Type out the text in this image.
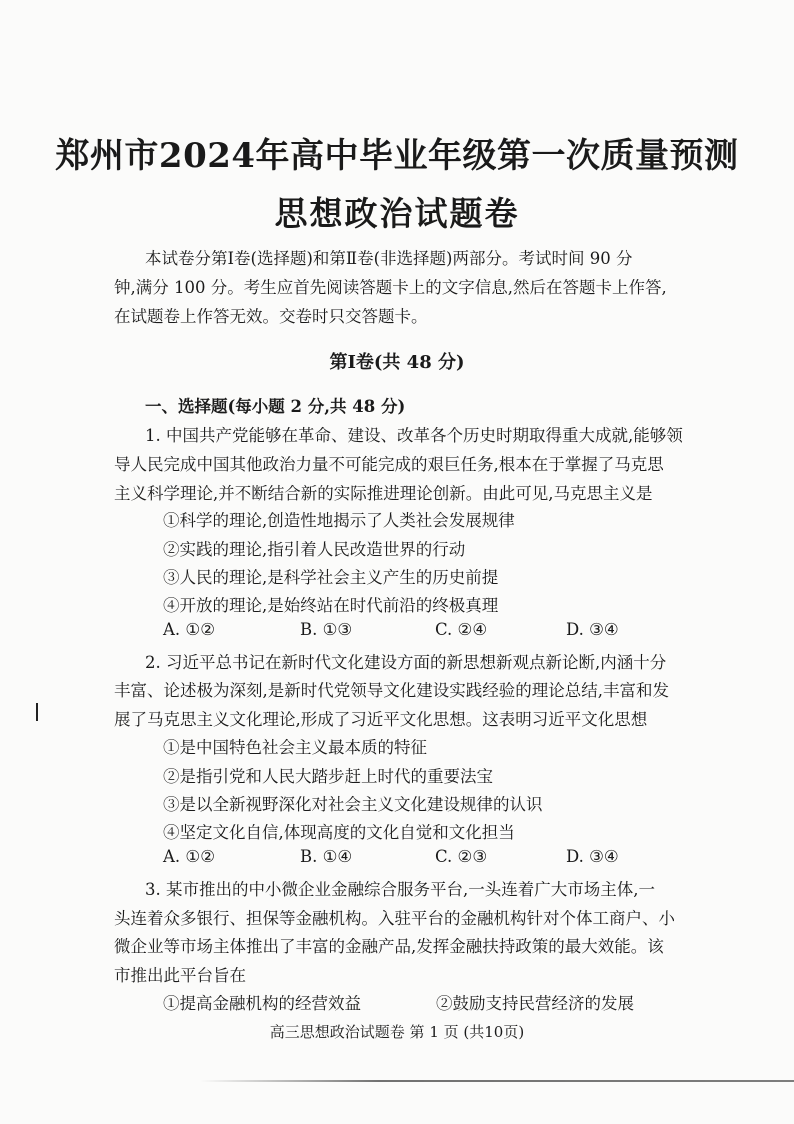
郑州市2024年高中毕业年级第一次质量预测
思想政治试题卷
本试卷分第Ⅰ卷(选择题)和第Ⅱ卷(非选择题)两部分。考试时间 90 分
钟,满分 100 分。考生应首先阅读答题卡上的文字信息,然后在答题卡上作答,
在试题卷上作答无效。交卷时只交答题卡。
第Ⅰ卷(共 48 分)
一、选择题(每小题 2 分,共 48 分)
1. 中国共产党能够在革命、建设、改革各个历史时期取得重大成就,能够领
导人民完成中国其他政治力量不可能完成的艰巨任务,根本在于掌握了马克思
主义科学理论,并不断结合新的实际推进理论创新。由此可见,马克思主义是
①科学的理论,创造性地揭示了人类社会发展规律
②实践的理论,指引着人民改造世界的行动
③人民的理论,是科学社会主义产生的历史前提
④开放的理论,是始终站在时代前沿的终极真理
A. ①②	B. ①③	C. ②④	D. ③④
2. 习近平总书记在新时代文化建设方面的新思想新观点新论断,内涵十分
丰富、论述极为深刻,是新时代党领导文化建设实践经验的理论总结,丰富和发
展了马克思主义文化理论,形成了习近平文化思想。这表明习近平文化思想
①是中国特色社会主义最本质的特征
②是指引党和人民大踏步赶上时代的重要法宝
③是以全新视野深化对社会主义文化建设规律的认识
④坚定文化自信,体现高度的文化自觉和文化担当
A. ①②	B. ①④	C. ②③	D. ③④
3. 某市推出的中小微企业金融综合服务平台,一头连着广大市场主体,一
头连着众多银行、担保等金融机构。入驻平台的金融机构针对个体工商户、小
微企业等市场主体推出了丰富的金融产品,发挥金融扶持政策的最大效能。该
市推出此平台旨在
①提高金融机构的经营效益	②鼓励支持民营经济的发展
高三思想政治试题卷 第 1 页 (共10页)
